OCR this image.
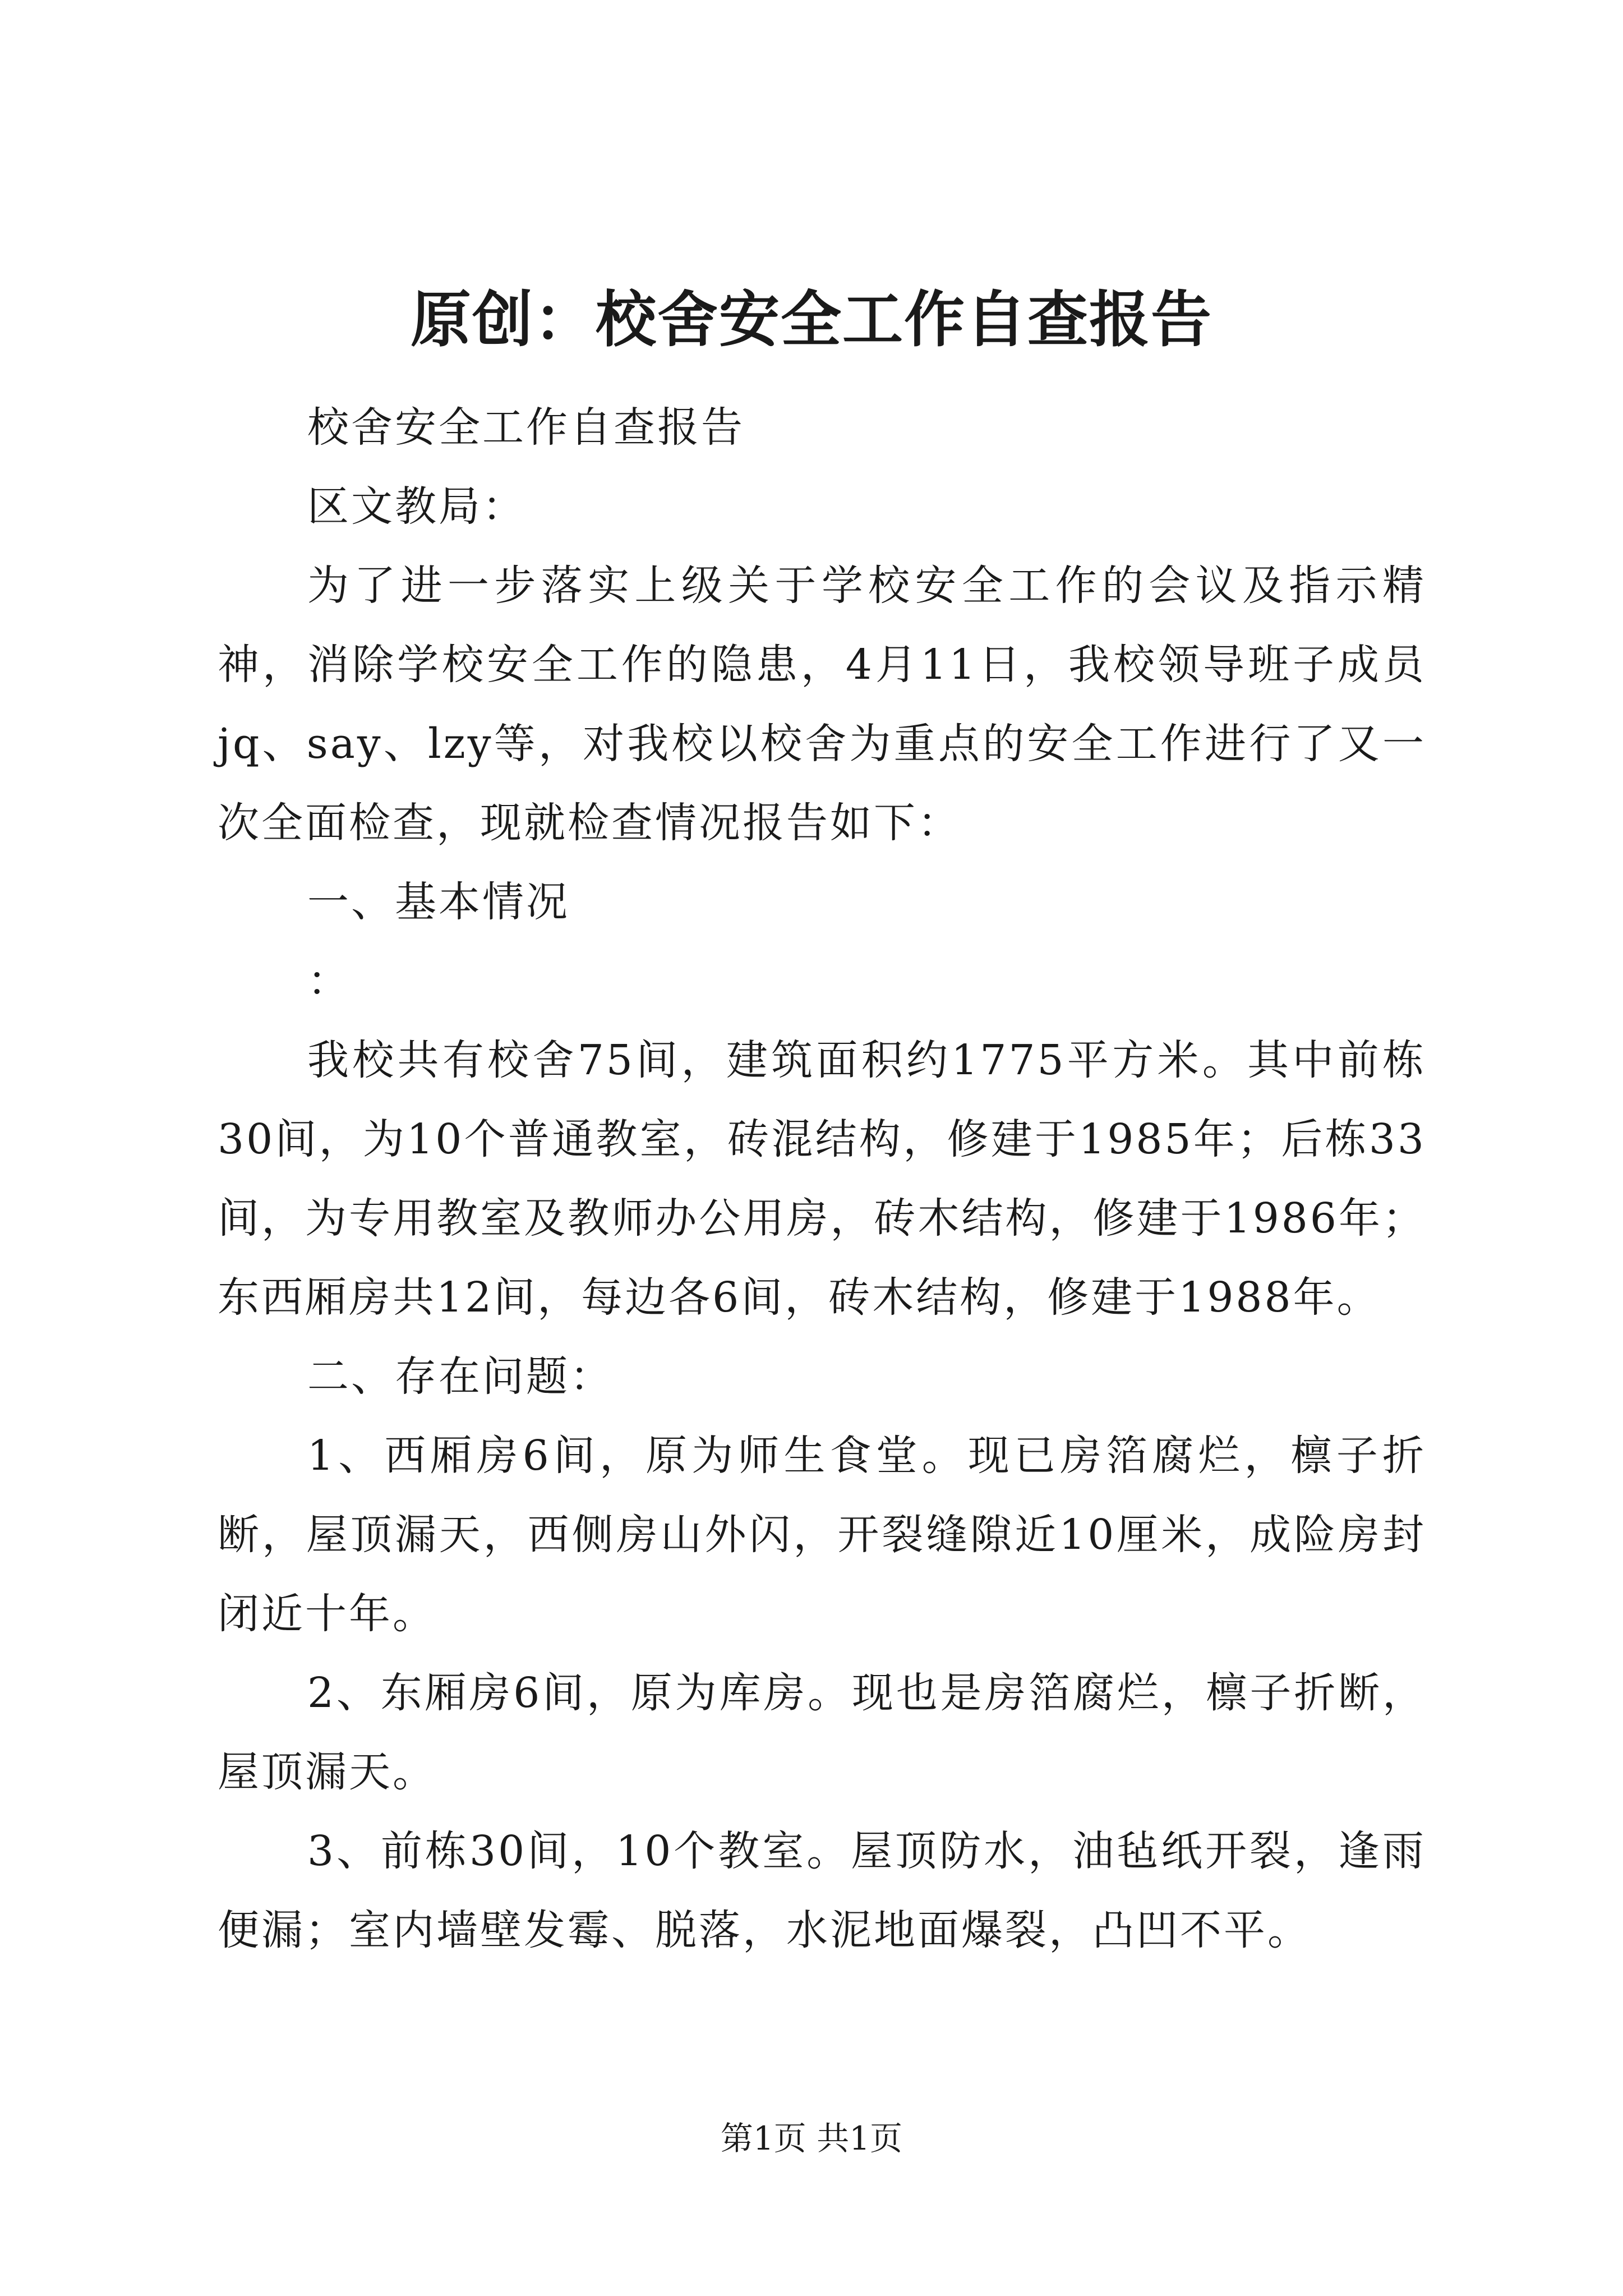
原创：校舍安全工作自查报告

校舍安全工作自查报告

区文教局：

为了进一步落实上级关于学校安全工作的会议及指示精神，消除学校安全工作的隐患，4月11日，我校领导班子成员jq、say、lzy等，对我校以校舍为重点的安全工作进行了又一次全面检查，现就检查情况报告如下：

一、基本情况

：

我校共有校舍75间，建筑面积约1775平方米。其中前栋30间，为10个普通教室，砖混结构，修建于1985年；后栋33间，为专用教室及教师办公用房，砖木结构，修建于1986年；东西厢房共12间，每边各6间，砖木结构，修建于1988年。

二、存在问题：

1、西厢房6间，原为师生食堂。现已房箔腐烂，檩子折断，屋顶漏天，西侧房山外闪，开裂缝隙近10厘米，成险房封闭近十年。

2、东厢房6间，原为库房。现也是房箔腐烂，檩子折断，屋顶漏天。

3、前栋30间，10个教室。屋顶防水，油毡纸开裂，逢雨便漏；室内墙壁发霉、脱落，水泥地面爆裂，凸凹不平。

第1页 共1页
